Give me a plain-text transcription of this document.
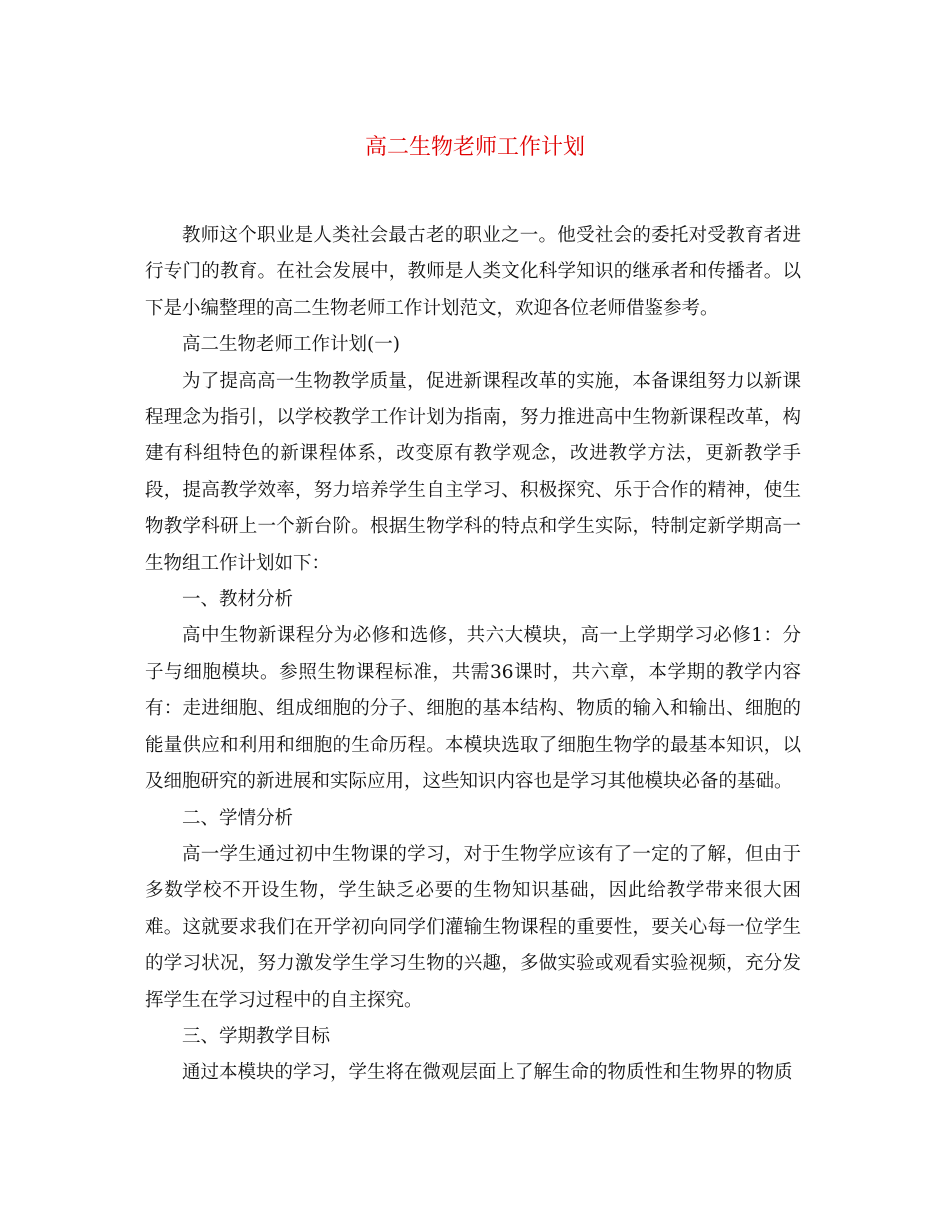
高二生物老师工作计划

教师这个职业是人类社会最古老的职业之一。他受社会的委托对受教育者进行专门的教育。在社会发展中，教师是人类文化科学知识的继承者和传播者。以下是小编整理的高二生物老师工作计划范文，欢迎各位老师借鉴参考。

高二生物老师工作计划(一)

为了提高高一生物教学质量，促进新课程改革的实施，本备课组努力以新课程理念为指引，以学校教学工作计划为指南，努力推进高中生物新课程改革，构建有科组特色的新课程体系，改变原有教学观念，改进教学方法，更新教学手段，提高教学效率，努力培养学生自主学习、积极探究、乐于合作的精神，使生物教学科研上一个新台阶。根据生物学科的特点和学生实际，特制定新学期高一生物组工作计划如下：

一、教材分析

高中生物新课程分为必修和选修，共六大模块，高一上学期学习必修1：分子与细胞模块。参照生物课程标准，共需36课时，共六章，本学期的教学内容有：走进细胞、组成细胞的分子、细胞的基本结构、物质的输入和输出、细胞的能量供应和利用和细胞的生命历程。本模块选取了细胞生物学的最基本知识，以及细胞研究的新进展和实际应用，这些知识内容也是学习其他模块必备的基础。

二、学情分析

高一学生通过初中生物课的学习，对于生物学应该有了一定的了解，但由于多数学校不开设生物，学生缺乏必要的生物知识基础，因此给教学带来很大困难。这就要求我们在开学初向同学们灌输生物课程的重要性，要关心每一位学生的学习状况，努力激发学生学习生物的兴趣，多做实验或观看实验视频，充分发挥学生在学习过程中的自主探究。

三、学期教学目标

通过本模块的学习，学生将在微观层面上了解生命的物质性和生物界的物质
